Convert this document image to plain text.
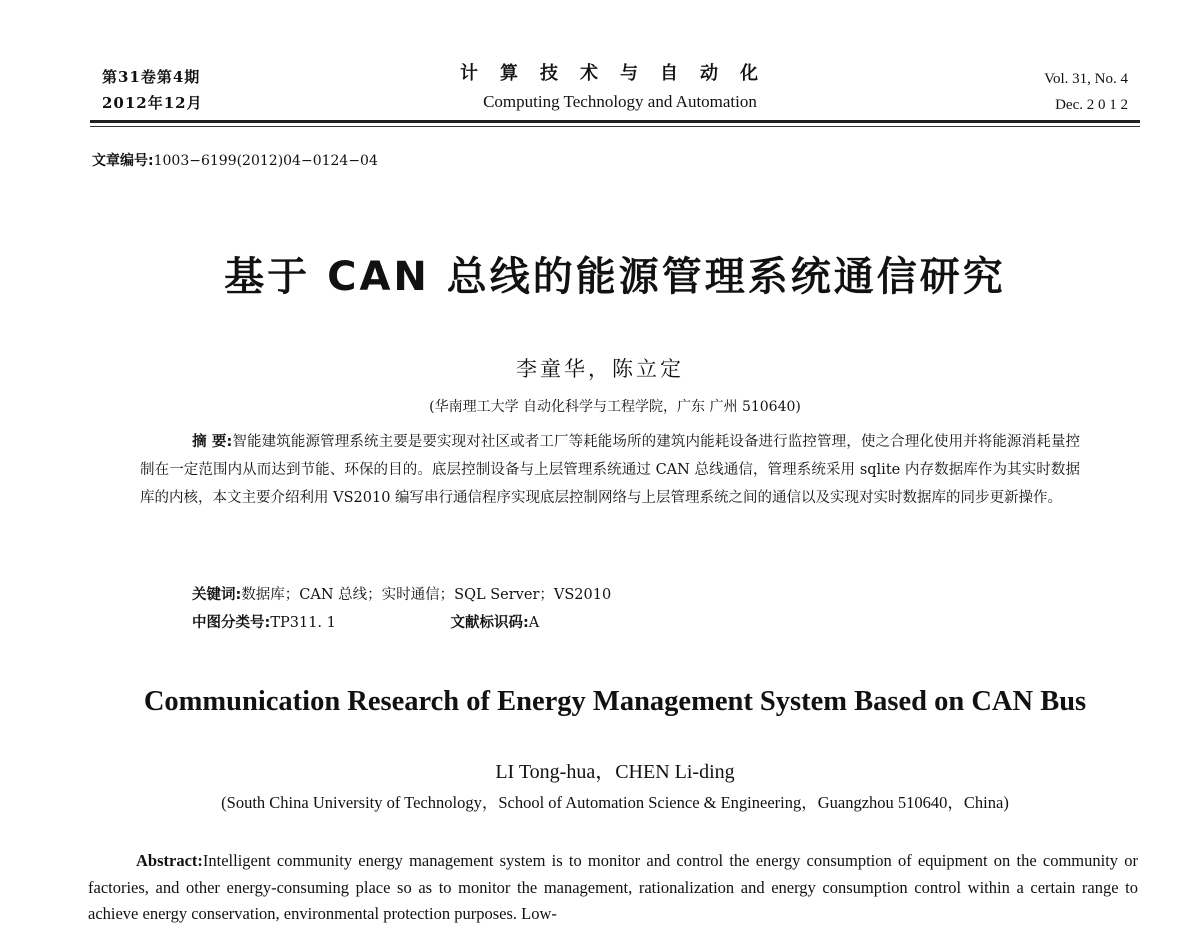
第31卷第4期
2012年12月
计算技术与自动化
Computing Technology and Automation
Vol. 31, No. 4
Dec. 2 0 1 2
文章编号:1003−6199(2012)04−0124−04
基于 CAN 总线的能源管理系统通信研究
李童华，陈立定
(华南理工大学 自动化科学与工程学院，广东 广州 510640)
摘 要:智能建筑能源管理系统主要是要实现对社区或者工厂等耗能场所的建筑内能耗设备进行监控管理，使之合理化使用并将能源消耗量控制在一定范围内从而达到节能、环保的目的。底层控制设备与上层管理系统通过 CAN 总线通信，管理系统采用 sqlite 内存数据库作为其实时数据库的内核，本文主要介绍利用 VS2010 编写串行通信程序实现底层控制网络与上层管理系统之间的通信以及实现对实时数据库的同步更新操作。
关键词:数据库；CAN 总线；实时通信；SQL Server；VS2010
中图分类号:TP311. 1	文献标识码:A
Communication Research of Energy Management System Based on CAN Bus
LI Tong-hua，CHEN Li-ding
(South China University of Technology，School of Automation Science & Engineering，Guangzhou 510640，China)
Abstract:Intelligent community energy management system is to monitor and control the energy consumption of equipment on the community or factories, and other energy-consuming place so as to monitor the management, rationalization and energy consumption control within a certain range to achieve energy conservation, environmental protection purposes. Low-
